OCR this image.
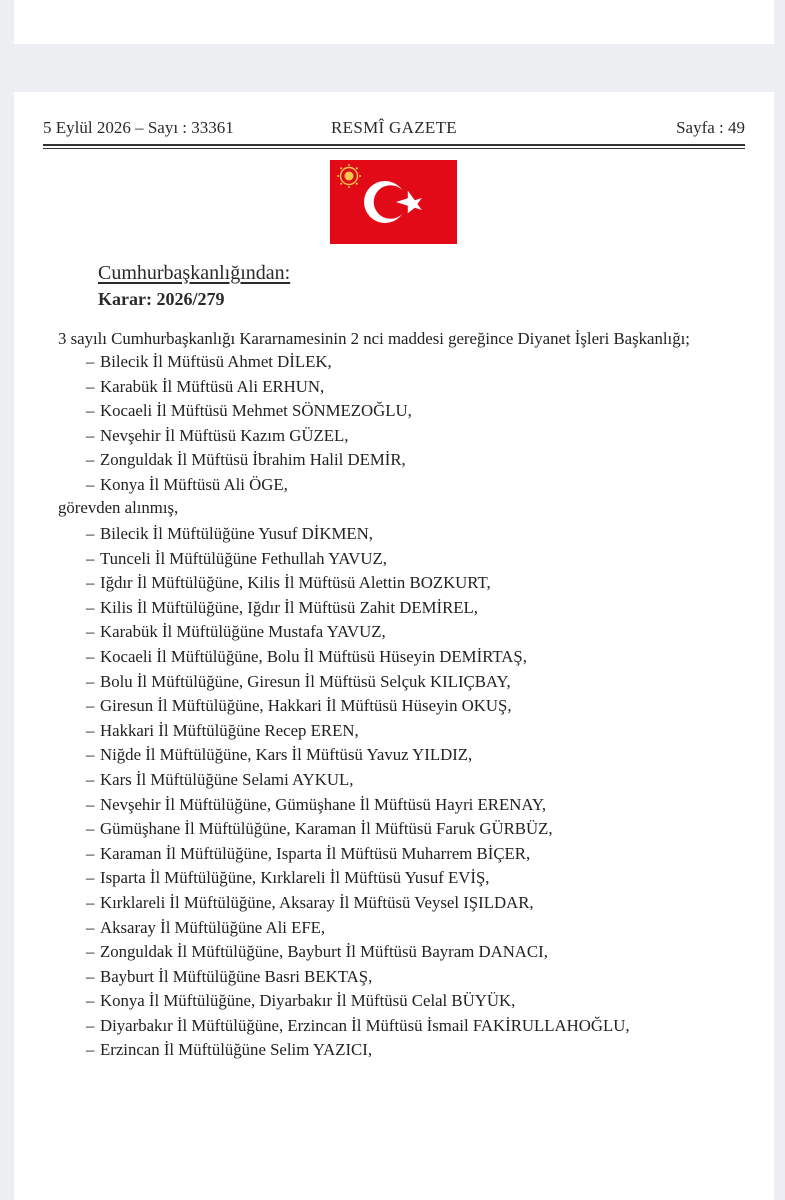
5 Eylül 2026 – Sayı : 33361	RESMÎ GAZETE	Sayfa : 49
Cumhurbaşkanlığından:
Karar: 2026/279
3 sayılı Cumhurbaşkanlığı Kararnamesinin 2 nci maddesi gereğince Diyanet İşleri Başkanlığı;
– Bilecik İl Müftüsü Ahmet DİLEK,
– Karabük İl Müftüsü Ali ERHUN,
– Kocaeli İl Müftüsü Mehmet SÖNMEZOĞLU,
– Nevşehir İl Müftüsü Kazım GÜZEL,
– Zonguldak İl Müftüsü İbrahim Halil DEMİR,
– Konya İl Müftüsü Ali ÖGE,
görevden alınmış,
– Bilecik İl Müftülüğüne Yusuf DİKMEN,
– Tunceli İl Müftülüğüne Fethullah YAVUZ,
– Iğdır İl Müftülüğüne, Kilis İl Müftüsü Alettin BOZKURT,
– Kilis İl Müftülüğüne, Iğdır İl Müftüsü Zahit DEMİREL,
– Karabük İl Müftülüğüne Mustafa YAVUZ,
– Kocaeli İl Müftülüğüne, Bolu İl Müftüsü Hüseyin DEMİRTAŞ,
– Bolu İl Müftülüğüne, Giresun İl Müftüsü Selçuk KILIÇBAY,
– Giresun İl Müftülüğüne, Hakkari İl Müftüsü Hüseyin OKUŞ,
– Hakkari İl Müftülüğüne Recep EREN,
– Niğde İl Müftülüğüne, Kars İl Müftüsü Yavuz YILDIZ,
– Kars İl Müftülüğüne Selami AYKUL,
– Nevşehir İl Müftülüğüne, Gümüşhane İl Müftüsü Hayri ERENAY,
– Gümüşhane İl Müftülüğüne, Karaman İl Müftüsü Faruk GÜRBÜZ,
– Karaman İl Müftülüğüne, Isparta İl Müftüsü Muharrem BİÇER,
– Isparta İl Müftülüğüne, Kırklareli İl Müftüsü Yusuf EVİŞ,
– Kırklareli İl Müftülüğüne, Aksaray İl Müftüsü Veysel IŞILDAR,
– Aksaray İl Müftülüğüne Ali EFE,
– Zonguldak İl Müftülüğüne, Bayburt İl Müftüsü Bayram DANACI,
– Bayburt İl Müftülüğüne Basri BEKTAŞ,
– Konya İl Müftülüğüne, Diyarbakır İl Müftüsü Celal BÜYÜK,
– Diyarbakır İl Müftülüğüne, Erzincan İl Müftüsü İsmail FAKİRULLAHOĞLU,
– Erzincan İl Müftülüğüne Selim YAZICI,
